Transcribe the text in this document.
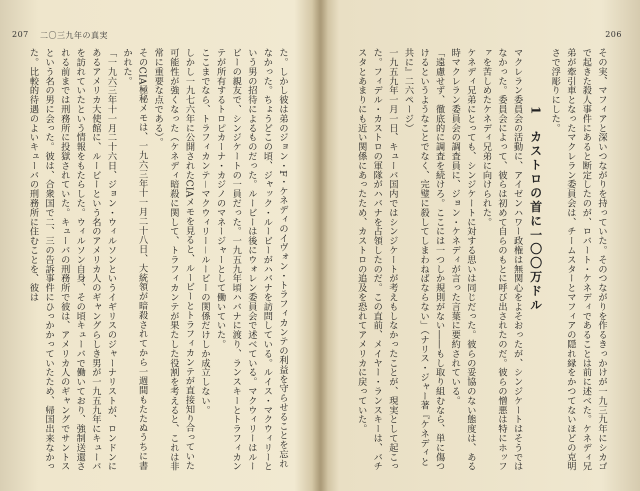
207 二〇三九年の真実	206

た。しかし彼は弟のジョン・F・ケネディのイヴォン・トラフィカンテの利益を守らせることを忘れなかった。ちょうどこの頃、ジャック・ルービーがハバナを訪問している。ルイス・マクウィリーという男の招待によるものだった。ルービーは後にウォレン委員会で述べている。マクウィリーはルービーの親友で、シンジケートの一員だった。一九五九年頃ハバナに渡り、ランスキーとトラフィカンテが所有するトロピカーナ・カジノのマネージャーとして働いていた。

ここまでなら、トラフィカンテ－マクウィリー－ルービーの関係だけしか成立しない。

しかし一九七六年に公開されたCIAメモを見ると、ルービーとトラフィカンテが直接知り合っていた可能性が強くなった（ケネディ暗殺に関して、トラフィカンテが果たした役割を考えると、これは非常に重要な点である）。

そのCIA極秘メモは、一九六三年十一月二十八日、大統領が暗殺されてから一週間もたたぬうちに書かれた。

「一九六三年十一月二十六日、ジョン・ウィルソンというイギリスのジャーナリストが、ロンドンにあるアメリカ大使館に、ルービーという名のアメリカ人のギャングらしき男が一九五九年にキューバを訪れていたという情報をもたらした。ウィルソン自身、その頃キューバで働いており、強制送還される前までは刑務所に投獄されていた。キューバの刑務所で彼は、アメリカ人のギャングでサントスという名の男に会った。彼は、合衆国で二、三の告訴事件にひっかかっていたため、帰国出来なかった。比較的待遇のよいキューバの刑務所に住むことを、彼は	その実、マフィアと深いつながりを持っていた。そのつながりを作るきっかけが一九三九年にシカゴで起きた殺人事件にあると断定したのが、ロバート・ケネディであることは前に述べた。ケネディ兄弟が牽引車となったマクレラン委員会は、チームスターとマフィアの隠れ縁をかつてないほどの克明さで浮彫りにした。

1　カストロの首に一〇〇万ドル

マクレラン委員会の活動に、アイゼンハワー政権は無関心をよそおったが、シンジケートはそうではなかった。委員会によって、彼らは初めて自らのもとに呼び出されたのだ。彼らの憎悪は特にホッファを苦しめたケネディ兄弟に向けられた。

ケネディ兄弟にとっても、シンジケートに対する思いは同じだった。彼らの妥協のない態度は、ある時マクレラン委員会の調査員に、ジョン・ケネディが言った言葉に要約されている。

「遠慮せず、徹底的に調査を続けろ。ここには一つしか規則がない――もし取り組むなら、単に傷つけるというようなことでなく、完璧に殺してしまわねばならない」（ナリス・ジャー著『ケネディと共に』二六ページ）

一九五九年一月一日、キューバ国内ではシンジケートが考えもしなかったことが、現実として起こった。フィデル・カストロの軍隊がハバナを占領したのだ。この直前、メイヤー・ランスキーは、バチスタとあまりにも近い関係にあったため、カストロの追及を恐れてアメリカに戻っていた。
